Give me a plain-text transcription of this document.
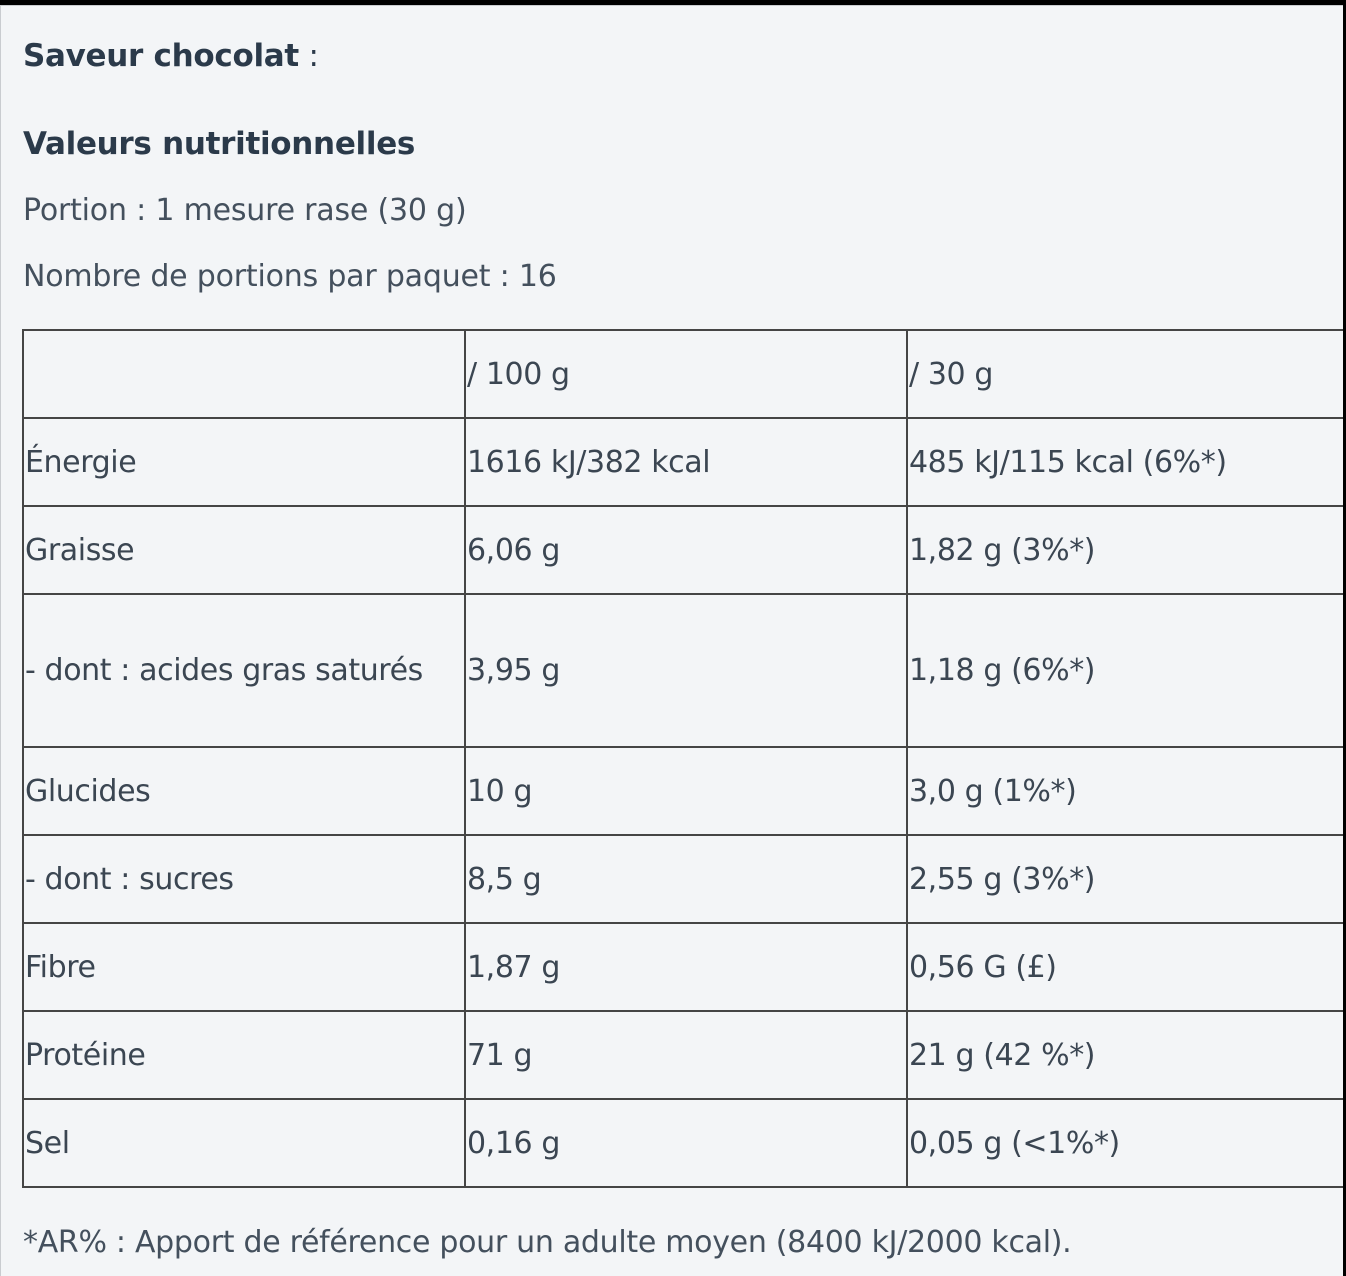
Saveur chocolat :
Valeurs nutritionnelles
Portion : 1 mesure rase (30 g)
Nombre de portions par paquet : 16
	/ 100 g	/ 30 g
Énergie	1616 kJ/382 kcal	485 kJ/115 kcal (6%*)
Graisse	6,06 g	1,82 g (3%*)
- dont : acides gras saturés	3,95 g	1,18 g (6%*)
Glucides	10 g	3,0 g (1%*)
- dont : sucres	8,5 g	2,55 g (3%*)
Fibre	1,87 g	0,56 G (£)
Protéine	71 g	21 g (42 %*)
Sel	0,16 g	0,05 g (<1%*)
*AR% : Apport de référence pour un adulte moyen (8400 kJ/2000 kcal).
